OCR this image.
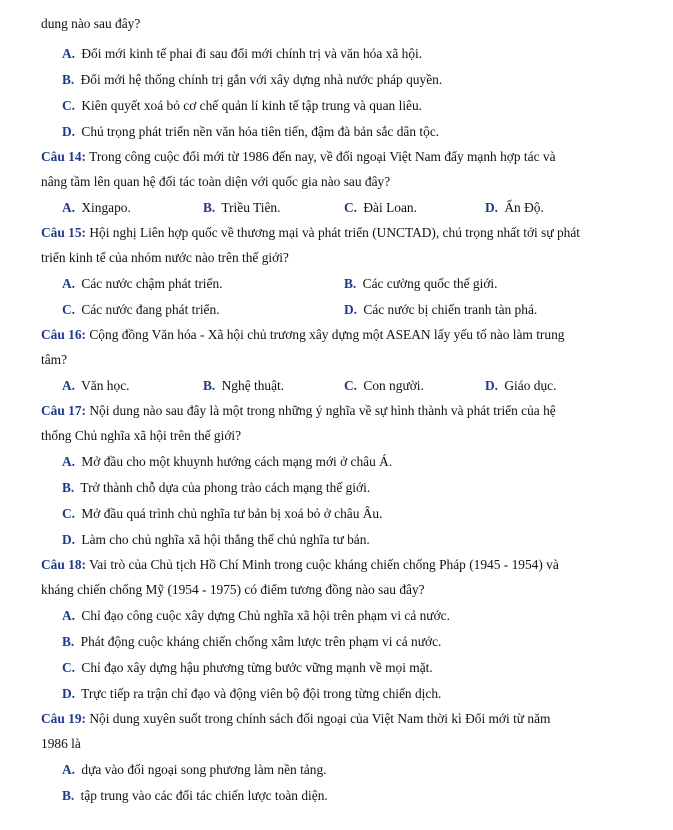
dung nào sau đây?
A. Đổi mới kinh tế phai đi sau đổi mới chính trị và văn hóa xã hội.
B. Đổi mới hệ thống chính trị gắn với xây dựng nhà nước pháp quyền.
C. Kiên quyết xoá bỏ cơ chế quản lí kinh tế tập trung và quan liêu.
D. Chú trọng phát triển nền văn hóa tiên tiến, đậm đà bản sắc dân tộc.
Câu 14: Trong công cuộc đổi mới từ 1986 đến nay, về đối ngoại Việt Nam đẩy mạnh hợp tác và
nâng tầm lên quan hệ đối tác toàn diện với quốc gia nào sau đây?
A. Xingapo.	B. Triều Tiên.	C. Đài Loan.	D. Ấn Độ.
Câu 15: Hội nghị Liên hợp quốc về thương mại và phát triển (UNCTAD), chú trọng nhất tới sự phát
triển kinh tế của nhóm nước nào trên thế giới?
A. Các nước chậm phát triển.	B. Các cường quốc thế giới.
C. Các nước đang phát triển.	D. Các nước bị chiến tranh tàn phá.
Câu 16: Cộng đồng Văn hóa - Xã hội chủ trương xây dựng một ASEAN lấy yếu tố nào làm trung
tâm?
A. Văn học.	B. Nghệ thuật.	C. Con người.	D. Giáo dục.
Câu 17: Nội dung nào sau đây là một trong những ý nghĩa về sự hình thành và phát triển của hệ
thống Chủ nghĩa xã hội trên thế giới?
A. Mở đầu cho một khuynh hướng cách mạng mới ở châu Á.
B. Trở thành chỗ dựa của phong trào cách mạng thế giới.
C. Mở đầu quá trình chủ nghĩa tư bản bị xoá bỏ ở châu Âu.
D. Làm cho chủ nghĩa xã hội thắng thế chủ nghĩa tư bản.
Câu 18: Vai trò của Chủ tịch Hồ Chí Minh trong cuộc kháng chiến chống Pháp (1945 - 1954) và
kháng chiến chống Mỹ (1954 - 1975) có điểm tương đồng nào sau đây?
A. Chỉ đạo công cuộc xây dựng Chủ nghĩa xã hội trên phạm vi cả nước.
B. Phát động cuộc kháng chiến chống xâm lược trên phạm vi cả nước.
C. Chỉ đạo xây dựng hậu phương từng bước vững mạnh về mọi mặt.
D. Trực tiếp ra trận chỉ đạo và động viên bộ đội trong từng chiến dịch.
Câu 19: Nội dung xuyên suốt trong chính sách đối ngoại của Việt Nam thời kì Đổi mới từ năm
1986 là
A. dựa vào đối ngoại song phương làm nền tảng.
B. tập trung vào các đối tác chiến lược toàn diện.
